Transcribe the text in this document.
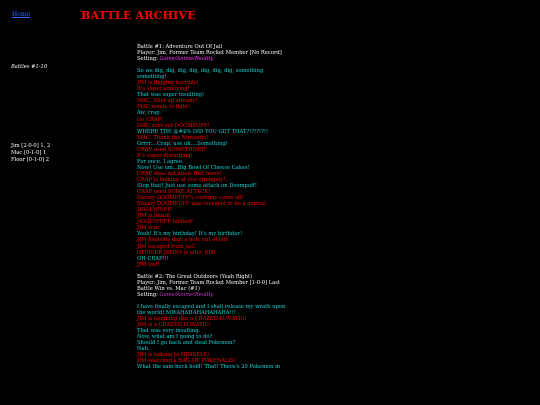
Home	BATTLE ARCHIVE
Battles #1-10
Jim [2-0-0] 1, 2
Mac [0-1-0] 1
Floor [0-1-0] 2
Battle #1: Adventure Out Of Jail
Player: Jim, Former Team Rocket Member [No Record]
Setting: Game/Anime/Reality
So we dig, dig, dig, dig, dig, dig, dig, something
something!
JIM is digging horrible!
It's super annoying!
That was super insulting!
MAC: Shut up already!
MAC wants to fight!
Aw, crap.
Go CRAP!
MAC sent out DOOMPUFF!
WHERE THE @#$% DID YOU GET THAT?!?!?!?!!
MAC: Thank the Nintendo!
Grrrr....Crap, use uh....Something!
CRAP used SOMETHING!
It's super disturbing!
For once, I agree.
Now! Use um...Big Bowl Of Cheese Cakes!
CRAP does not know that move!
CRAP is looking at you strangely!
Stop that! Just use some attack on Doompuff!
CRAP used SOME ATTACK!
Enemy DOOMPUFF's costume came off!
Enemy DOOMPUFF was revealed to be a normal
JIGGLYPUFF!
JIM is foiled!
JIGGLYPUFF fainted!
JIM won!
Yeah! It's my birthday! It's my birthday!
JIM foolishly digs a hole out of jail!
JIM escaped from jail!
OFFICER JENNY is after JIM!
OH CRAP!!!
JIM lost!
Battle #2: The Great Outdoors (Yeah Right)
Player: Jim, Former Team Rocket Member [1-0-0] Last
Battle Win vs. Mac (#1)
Setting: Game/Anime/Reality
I have finally escaped and I shall release my wrath upon
the world! MWAHAHAHAHAHAHA!!!
JIM is laughing like a CRAZED LUNATIC!
JIM is a CRAZED LUNATIC!
That was very insulting.
Now, what am I going to do?
Should I go back and steal Pokemon?
Nah.
JIM is talking to HIMSELF!
JIM searched a BAG OF POKENALIS!
What the sam-heck hold! That! There's 20 Pokemon in
